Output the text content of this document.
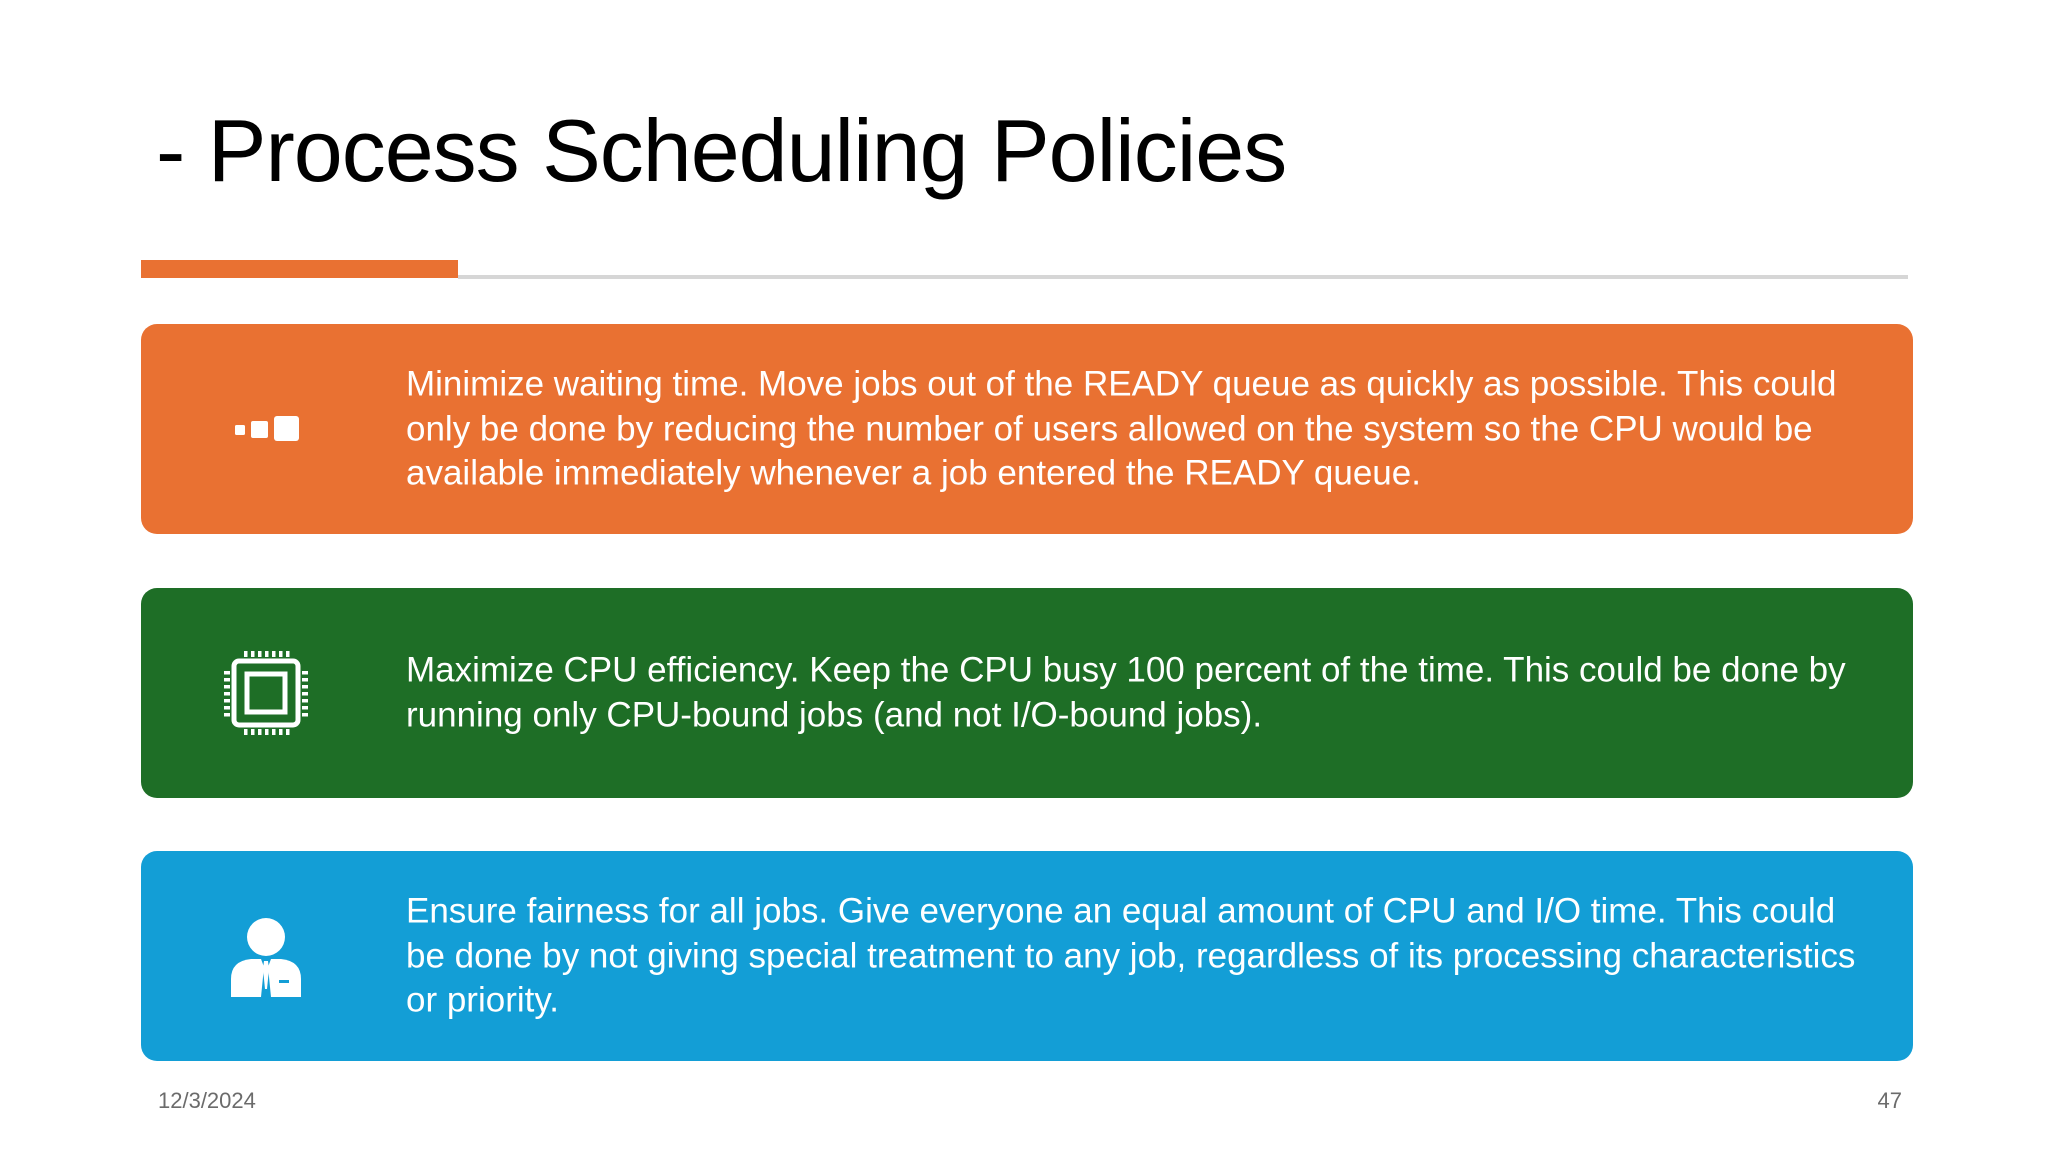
- Process Scheduling Policies
Minimize waiting time. Move jobs out of the READY queue as quickly as possible. This could only be done by reducing the number of users allowed on the system so the CPU would be available immediately whenever a job entered the READY queue.
Maximize CPU efficiency. Keep the CPU busy 100 percent of the time. This could be done by running only CPU-bound jobs (and not I/O-bound jobs).
Ensure fairness for all jobs. Give everyone an equal amount of CPU and I/O time. This could be done by not giving special treatment to any job, regardless of its processing characteristics or priority.
12/3/2024	47
